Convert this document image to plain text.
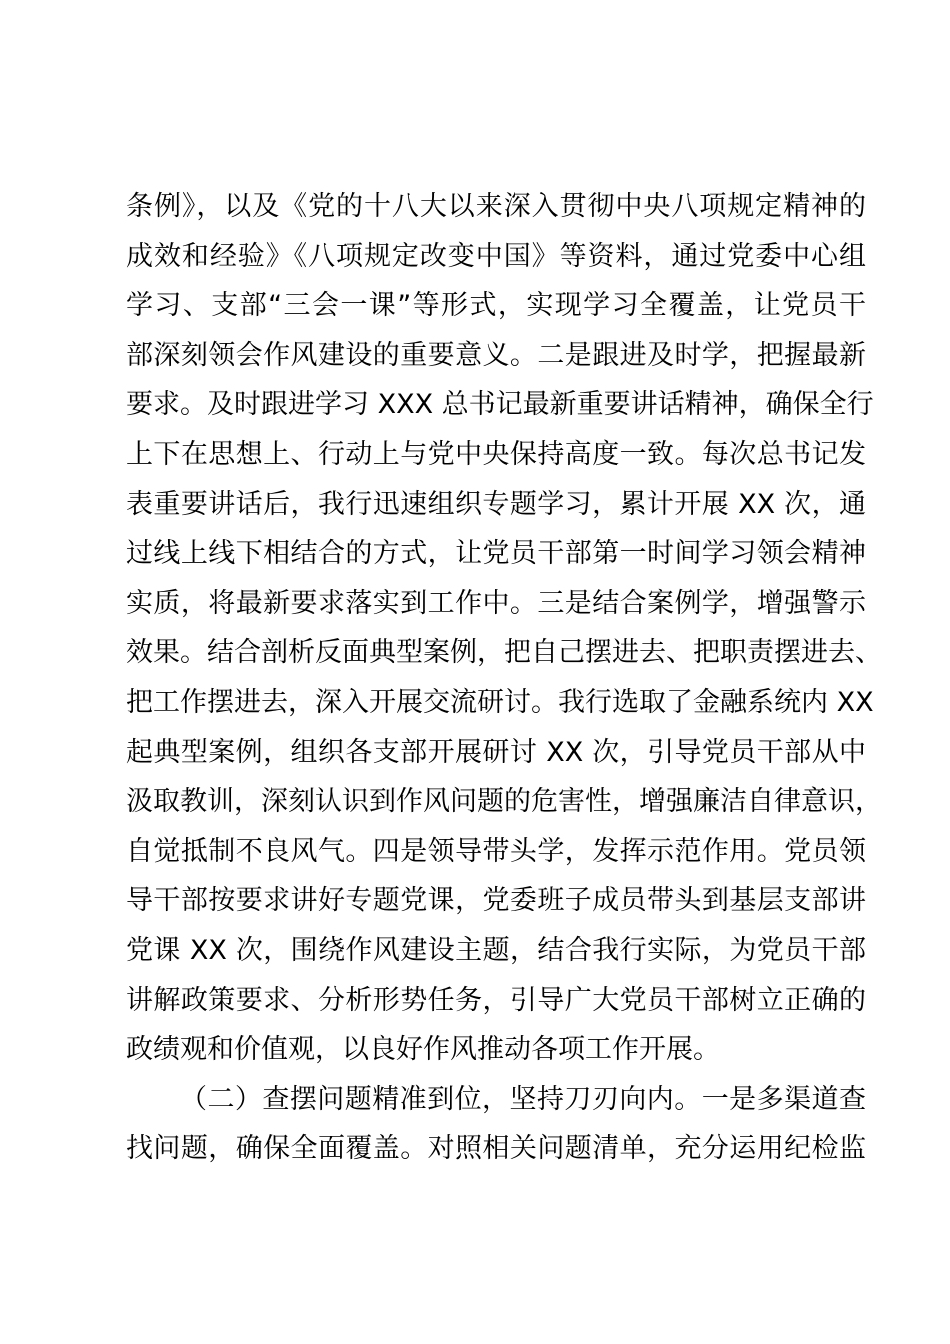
条例》，以及《党的十八大以来深入贯彻中央八项规定精神的
成效和经验》《八项规定改变中国》等资料，通过党委中心组
学习、支部“三会一课”等形式，实现学习全覆盖，让党员干
部深刻领会作风建设的重要意义。二是跟进及时学，把握最新
要求。及时跟进学习 XXX 总书记最新重要讲话精神，确保全行
上下在思想上、行动上与党中央保持高度一致。每次总书记发
表重要讲话后，我行迅速组织专题学习，累计开展 XX 次，通
过线上线下相结合的方式，让党员干部第一时间学习领会精神
实质，将最新要求落实到工作中。三是结合案例学，增强警示
效果。结合剖析反面典型案例，把自己摆进去、把职责摆进去、
把工作摆进去，深入开展交流研讨。我行选取了金融系统内 XX
起典型案例，组织各支部开展研讨 XX 次，引导党员干部从中
汲取教训，深刻认识到作风问题的危害性，增强廉洁自律意识，
自觉抵制不良风气。四是领导带头学，发挥示范作用。党员领
导干部按要求讲好专题党课，党委班子成员带头到基层支部讲
党课 XX 次，围绕作风建设主题，结合我行实际，为党员干部
讲解政策要求、分析形势任务，引导广大党员干部树立正确的
政绩观和价值观，以良好作风推动各项工作开展。
（二）查摆问题精准到位，坚持刀刃向内。一是多渠道查
找问题，确保全面覆盖。对照相关问题清单，充分运用纪检监
